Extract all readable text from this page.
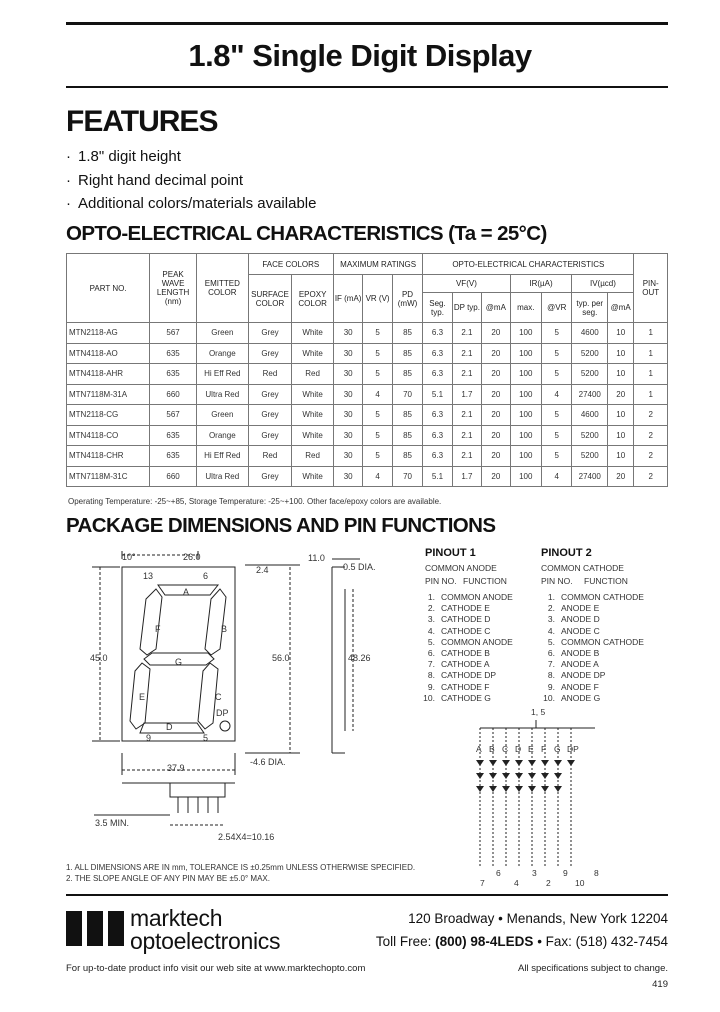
1.8" Single Digit Display
FEATURES
· 1.8" digit height
· Right hand decimal point
· Additional colors/materials available
OPTO-ELECTRICAL CHARACTERISTICS (Ta = 25°C)
PART NO.	PEAK WAVE LENGTH (nm)	EMITTED COLOR	FACE COLORS		MAXIMUM RATINGS			OPTO-ELECTRICAL CHARACTERISTICS							PIN-OUT
			SURFACE COLOR	EPOXY COLOR	IF (mA)	VR (V)	PD (mW)	VF(V)			IR(µA)		IV(µcd)		
								Seg. typ.	DP typ.	@mA	max.	@VR	typ. per seg.	@mA	
MTN2118-AG	567	Green	Grey	White	30	5	85	6.3	2.1	20	100	5	4600	10	1
MTN4118-AO	635	Orange	Grey	White	30	5	85	6.3	2.1	20	100	5	5200	10	1
MTN4118-AHR	635	Hi Eff Red	Red	Red	30	5	85	6.3	2.1	20	100	5	5200	10	1
MTN7118M-31A	660	Ultra Red	Grey	White	30	4	70	5.1	1.7	20	100	4	27400	20	1
MTN2118-CG	567	Green	Grey	White	30	5	85	6.3	2.1	20	100	5	4600	10	2
MTN4118-CO	635	Orange	Grey	White	30	5	85	6.3	2.1	20	100	5	5200	10	2
MTN4118-CHR	635	Hi Eff Red	Red	Red	30	5	85	6.3	2.1	20	100	5	5200	10	2
MTN7118M-31C	660	Ultra Red	Grey	White	30	4	70	5.1	1.7	20	100	4	27400	20	2
Operating Temperature: -25~+85, Storage Temperature: -25~+100. Other face/epoxy colors are available.
PACKAGE DIMENSIONS AND PIN FUNCTIONS
10°	26.0
13	6
2.4
45.0	56.0	48.26
11.0
-0.5 DIA.
37.9
-4.6 DIA.
3.5 MIN.
2.54X4=10.16
A
B
C
D
E
F
G
DP
9	5
1. ALL DIMENSIONS ARE IN mm, TOLERANCE IS ±0.25mm UNLESS OTHERWISE SPECIFIED.
2. THE SLOPE ANGLE OF ANY PIN MAY BE ±5.0° MAX.
PINOUT 1
COMMON ANODE
PIN NO. FUNCTION
1. COMMON ANODE
2. CATHODE E
3. CATHODE D
4. CATHODE C
5. COMMON ANODE
6. CATHODE B
7. CATHODE A
8. CATHODE DP
9. CATHODE F
10. CATHODE G
PINOUT 2
COMMON CATHODE
PIN NO. FUNCTION
1. COMMON CATHODE
2. ANODE E
3. ANODE D
4. ANODE C
5. COMMON CATHODE
6. ANODE B
7. ANODE A
8. ANODE DP
9. ANODE F
10. ANODE G
1, 5
A B C D E F G DP
6	3	9	8
7	4	2	10
marktech
optoelectronics
120 Broadway • Menands, New York 12204
Toll Free: (800) 98-4LEDS • Fax: (518) 432-7454
For up-to-date product info visit our web site at www.marktechopto.com	All specifications subject to change.
419
